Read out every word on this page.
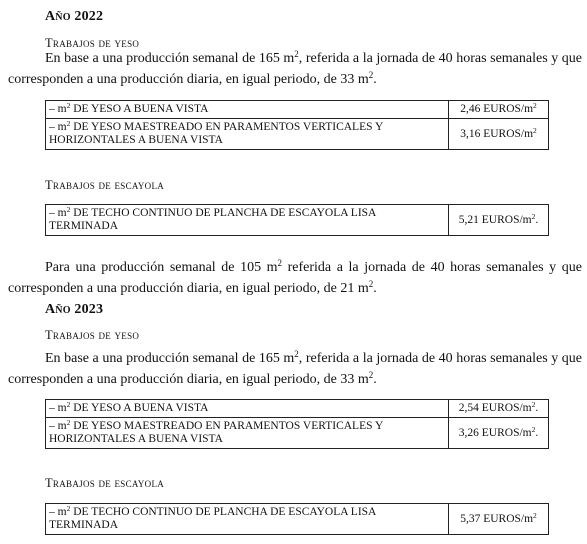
Año 2022
Trabajos de yeso

En base a una producción semanal de 165 $m^2$, referida a la jornada de 40 horas semanales y que corresponden a una producción diaria, en igual periodo, de 33 $m^2$.

– $m^2$ DE YESO A BUENA VISTA	2,46 EUROS/$m^2$
– $m^2$ DE YESO MAESTREADO EN PARAMENTOS VERTICALES Y HORIZONTALES A BUENA VISTA	3,16 EUROS/$m^2$
Trabajos de escayola
– $m^2$ DE TECHO CONTINUO DE PLANCHA DE ESCAYOLA LISA TERMINADA	5,21 EUROS/$m^2$.

Para una producción semanal de 105 $m^2$ referida a la jornada de 40 horas semanales y que corresponden a una producción diaria, en igual periodo, de 21 $m^2$.

Año 2023
Trabajos de yeso

En base a una producción semanal de 165 $m^2$, referida a la jornada de 40 horas semanales y que corresponden a una producción diaria, en igual periodo, de 33 $m^2$.

– $m^2$ DE YESO A BUENA VISTA	2,54 EUROS/$m^2$.
– $m^2$ DE YESO MAESTREADO EN PARAMENTOS VERTICALES Y HORIZONTALES A BUENA VISTA	3,26 EUROS/$m^2$.
Trabajos de escayola
– $m^2$ DE TECHO CONTINUO DE PLANCHA DE ESCAYOLA LISA TERMINADA	5,37 EUROS/$m^2$
